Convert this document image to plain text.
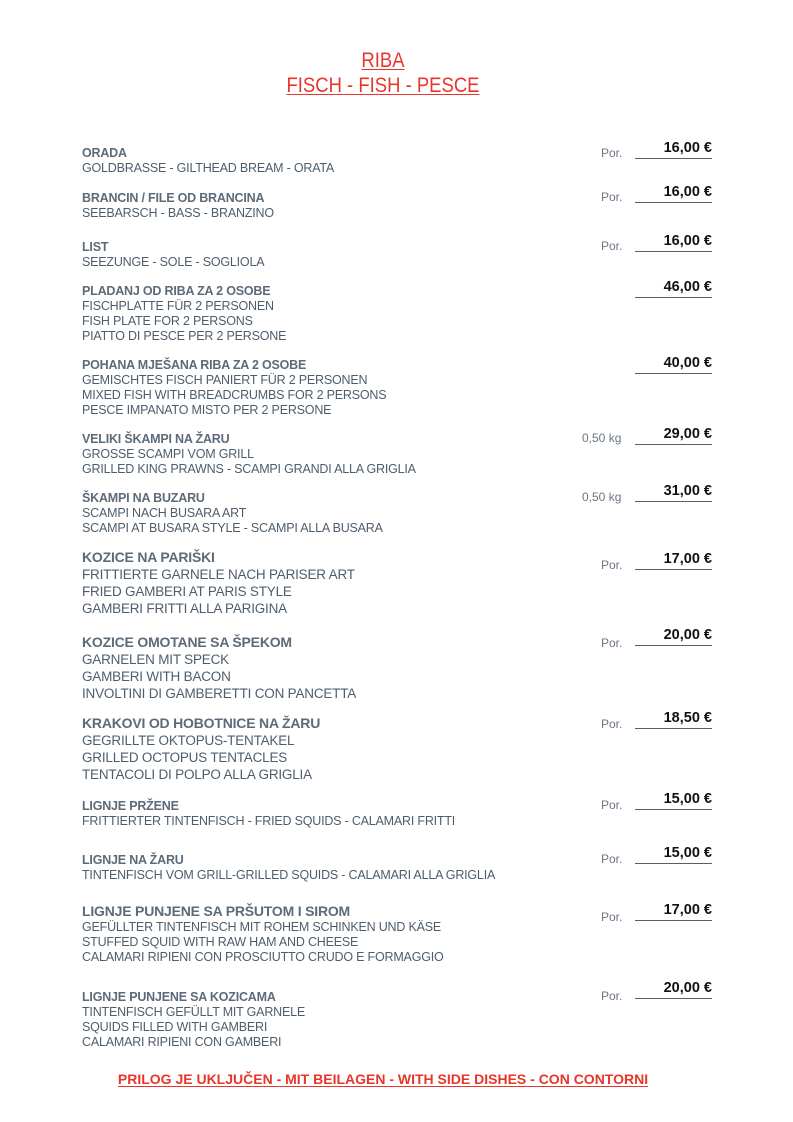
RIBA
FISCH - FISH - PESCE
ORADA
GOLDBRASSE - GILTHEAD BREAM - ORATA
Por.	16,00 €
BRANCIN / FILE OD BRANCINA
SEEBARSCH - BASS - BRANZINO
Por.	16,00 €
LIST
SEEZUNGE - SOLE - SOGLIOLA
Por.	16,00 €
PLADANJ OD RIBA ZA 2 OSOBE
FISCHPLATTE FÜR 2 PERSONEN
FISH PLATE FOR 2 PERSONS
PIATTO DI PESCE PER 2 PERSONE
46,00 €
POHANA MJEŠANA RIBA ZA 2 OSOBE
GEMISCHTES FISCH PANIERT FÜR 2 PERSONEN
MIXED FISH WITH BREADCRUMBS FOR 2 PERSONS
PESCE IMPANATO MISTO PER 2 PERSONE
40,00 €
VELIKI ŠKAMPI NA ŽARU
GROSSE SCAMPI VOM GRILL
GRILLED KING PRAWNS - SCAMPI GRANDI ALLA GRIGLIA
0,50 kg	29,00 €
ŠKAMPI NA BUZARU
SCAMPI NACH BUSARA ART
SCAMPI AT BUSARA STYLE - SCAMPI ALLA BUSARA
0,50 kg	31,00 €
KOZICE NA PARIŠKI
FRITTIERTE GARNELE NACH PARISER ART
FRIED GAMBERI AT PARIS STYLE
GAMBERI FRITTI ALLA PARIGINA
Por.	17,00 €
KOZICE OMOTANE SA ŠPEKOM
GARNELEN MIT SPECK
GAMBERI WITH BACON
INVOLTINI DI GAMBERETTI CON PANCETTA
Por.	20,00 €
KRAKOVI OD HOBOTNICE NA ŽARU
GEGRILLTE OKTOPUS-TENTAKEL
GRILLED OCTOPUS TENTACLES
TENTACOLI DI POLPO ALLA GRIGLIA
Por.	18,50 €
LIGNJE PRŽENE
FRITTIERTER TINTENFISCH - FRIED SQUIDS - CALAMARI FRITTI
Por.	15,00 €
LIGNJE NA ŽARU
TINTENFISCH VOM GRILL-GRILLED SQUIDS - CALAMARI ALLA GRIGLIA
Por.	15,00 €
LIGNJE PUNJENE SA PRŠUTOM I SIROM
GEFÜLLTER TINTENFISCH MIT ROHEM SCHINKEN UND KÄSE
STUFFED SQUID WITH RAW HAM AND CHEESE
CALAMARI RIPIENI CON PROSCIUTTO CRUDO E FORMAGGIO
Por.	17,00 €
LIGNJE PUNJENE SA KOZICAMA
TINTENFISCH GEFÜLLT MIT GARNELE
SQUIDS FILLED WITH GAMBERI
CALAMARI RIPIENI CON GAMBERI
Por.	20,00 €
PRILOG JE UKLJUČEN - MIT BEILAGEN - WITH SIDE DISHES - CON CONTORNI
